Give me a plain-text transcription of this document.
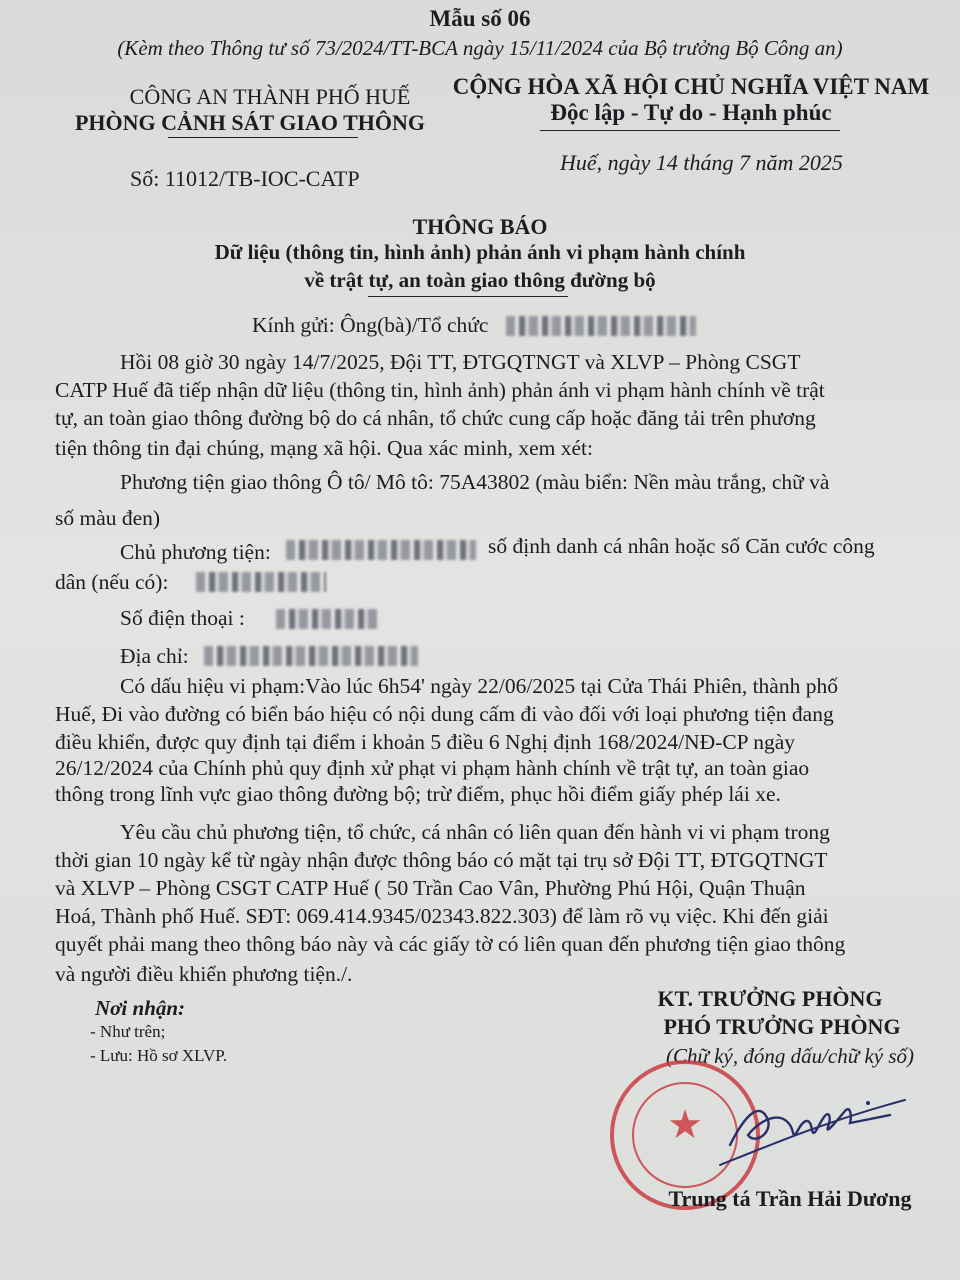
Mẫu số 06
(Kèm theo Thông tư số 73/2024/TT-BCA ngày 15/11/2024 của Bộ trưởng Bộ Công an)
CÔNG AN THÀNH PHỐ HUẾ
PHÒNG CẢNH SÁT GIAO THÔNG
CỘNG HÒA XÃ HỘI CHỦ NGHĨA VIỆT NAM
Độc lập - Tự do - Hạnh phúc
Số: 11012/TB-IOC-CATP
Huế, ngày 14 tháng 7 năm 2025
THÔNG BÁO
Dữ liệu (thông tin, hình ảnh) phản ánh vi phạm hành chính
về trật tự, an toàn giao thông đường bộ
Kính gửi: Ông(bà)/Tổ chức
Hồi 08 giờ 30 ngày 14/7/2025, Đội TT, ĐTGQTNGT và XLVP – Phòng CSGT
CATP Huế đã tiếp nhận dữ liệu (thông tin, hình ảnh) phản ánh vi phạm hành chính về trật
tự, an toàn giao thông đường bộ do cá nhân, tổ chức cung cấp hoặc đăng tải trên phương
tiện thông tin đại chúng, mạng xã hội. Qua xác minh, xem xét:
Phương tiện giao thông Ô tô/ Mô tô: 75A43802 (màu biển: Nền màu trắng, chữ và
số màu đen)
Chủ phương tiện:	số định danh cá nhân hoặc số Căn cước công
dân (nếu có):
Số điện thoại :
Địa chỉ:
Có dấu hiệu vi phạm:Vào lúc 6h54' ngày 22/06/2025 tại Cửa Thái Phiên, thành phố
Huế, Đi vào đường có biển báo hiệu có nội dung cấm đi vào đối với loại phương tiện đang
điều khiển, được quy định tại điểm i khoản 5 điều 6 Nghị định 168/2024/NĐ-CP ngày
26/12/2024 của Chính phủ quy định xử phạt vi phạm hành chính về trật tự, an toàn giao
thông trong lĩnh vực giao thông đường bộ; trừ điểm, phục hồi điểm giấy phép lái xe.
Yêu cầu chủ phương tiện, tổ chức, cá nhân có liên quan đến hành vi vi phạm trong
thời gian 10 ngày kể từ ngày nhận được thông báo có mặt tại trụ sở Đội TT, ĐTGQTNGT
và XLVP – Phòng CSGT CATP Huế ( 50 Trần Cao Vân, Phường Phú Hội, Quận Thuận
Hoá, Thành phố Huế. SĐT: 069.414.9345/02343.822.303) để làm rõ vụ việc. Khi đến giải
quyết phải mang theo thông báo này và các giấy tờ có liên quan đến phương tiện giao thông
và người điều khiển phương tiện./.
Nơi nhận:
- Như trên;
- Lưu: Hồ sơ XLVP.
KT. TRƯỞNG PHÒNG
PHÓ TRƯỞNG PHÒNG
(Chữ ký, đóng dấu/chữ ký số)
★
Trung tá Trần Hải Dương
